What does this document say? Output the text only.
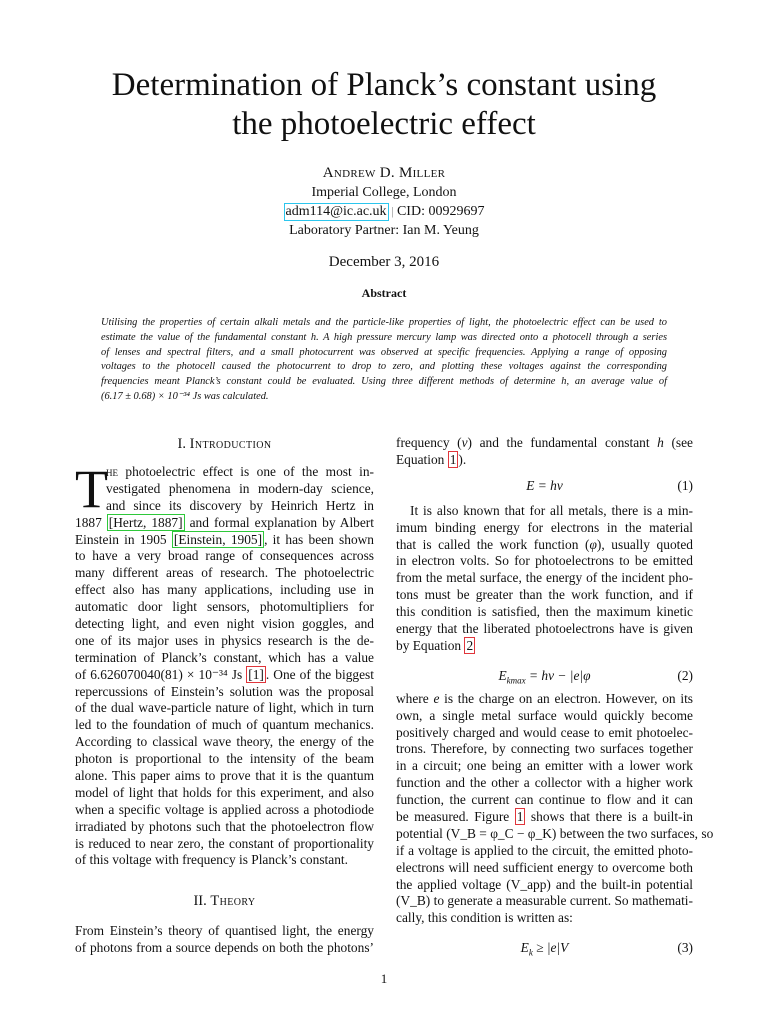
Determination of Planck’s constant using
the photoelectric effect
Andrew D. Miller
Imperial College, London
adm114@ic.ac.uk | CID: 00929697
Laboratory Partner: Ian M. Yeung
December 3, 2016
Abstract
Utilising the properties of certain alkali metals and the particle-like properties of light, the photoelectric effect can be used to
estimate the value of the fundamental constant h. A high pressure mercury lamp was directed onto a photocell through a series
of lenses and spectral filters, and a small photocurrent was observed at specific frequencies. Applying a range of opposing
voltages to the photocell caused the photocurrent to drop to zero, and plotting these voltages against the corresponding
frequencies meant Planck’s constant could be evaluated. Using three different methods of determine h, an average value of
(6.17 ± 0.68) × 10⁻³⁴ Js was calculated.
I. Introduction
T
he photoelectric effect is one of the most in-
vestigated phenomena in modern-day science,
and since its discovery by Heinrich Hertz in
1887 [Hertz, 1887] and formal explanation by Albert
Einstein in 1905 [Einstein, 1905] , it has been shown
to have a very broad range of consequences across
many different areas of research. The photoelectric
effect also has many applications, including use in
automatic door light sensors, photomultipliers for
detecting light, and even night vision goggles, and
one of its major uses in physics research is the de-
termination of Planck’s constant, which has a value
of 6.626070040(81) × 10⁻³⁴ Js [1] . One of the biggest
repercussions of Einstein’s solution was the proposal
of the dual wave-particle nature of light, which in turn
led to the foundation of much of quantum mechanics.
According to classical wave theory, the energy of the
photon is proportional to the intensity of the beam
alone. This paper aims to prove that it is the quantum
model of light that holds for this experiment, and also
when a specific voltage is applied across a photodiode
irradiated by photons such that the photoelectron flow
is reduced to near zero, the constant of proportionality
of this voltage with frequency is Planck’s constant.
II. Theory
From Einstein’s theory of quantised light, the energy
of photons from a source depends on both the photons’
frequency (ν) and the fundamental constant h (see
Equation 1 ).
E = hν	(1)
It is also known that for all metals, there is a min-
imum binding energy for electrons in the material
that is called the work function (φ), usually quoted
in electron volts. So for photoelectrons to be emitted
from the metal surface, the energy of the incident pho-
tons must be greater than the work function, and if
this condition is satisfied, then the maximum kinetic
energy that the liberated photoelectrons have is given
by Equation 2
$E_{kmax} = h\nu - |e|\varphi$	(2)
where e is the charge on an electron. However, on its
own, a single metal surface would quickly become
positively charged and would cease to emit photoelec-
trons. Therefore, by connecting two surfaces together
in a circuit; one being an emitter with a lower work
function and the other a collector with a higher work
function, the current can continue to flow and it can
be measured. Figure 1 shows that there is a built-in
potential (V_B = φ_C − φ_K) between the two surfaces, so
if a voltage is applied to the circuit, the emitted photo-
electrons will need sufficient energy to overcome both
the applied voltage (V_app) and the built-in potential
(V_B) to generate a measurable current. So mathemati-
cally, this condition is written as:
$E_k \ge |e|V$	(3)
1
